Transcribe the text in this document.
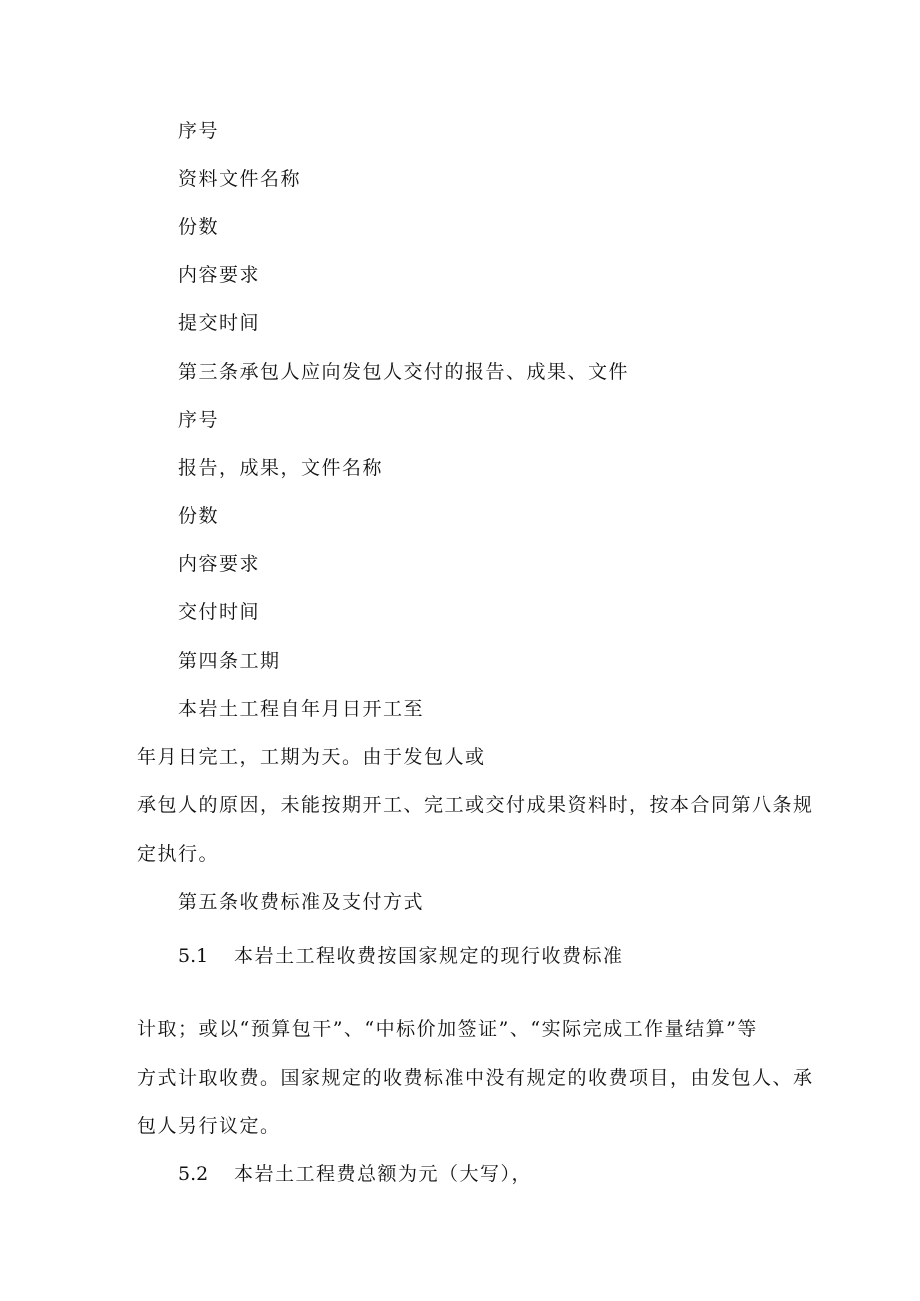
序号
资料文件名称
份数
内容要求
提交时间
第三条承包人应向发包人交付的报告、成果、文件
序号
报告，成果，文件名称
份数
内容要求
交付时间
第四条工期
本岩土工程自年月日开工至
年月日完工，工期为天。由于发包人或
承包人的原因，未能按期开工、完工或交付成果资料时，按本合同第八条规
定执行。
第五条收费标准及支付方式
5.1 本岩土工程收费按国家规定的现行收费标准
计取；或以“预算包干”、“中标价加签证”、“实际完成工作量结算”等
方式计取收费。国家规定的收费标准中没有规定的收费项目，由发包人、承
包人另行议定。
5.2 本岩土工程费总额为元（大写），
